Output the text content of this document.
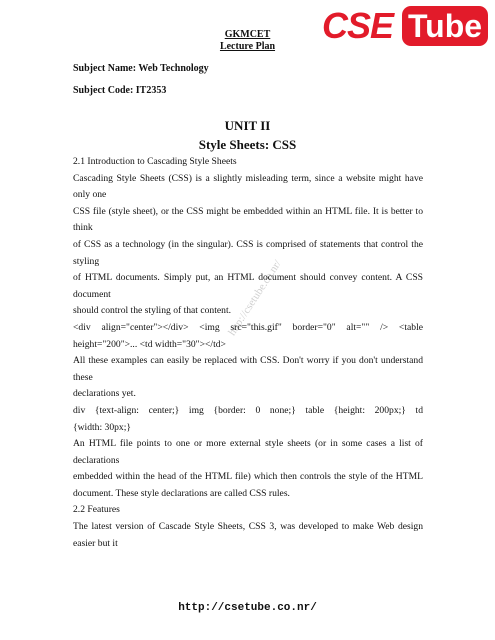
CSE Tube
GKMCET
Lecture Plan
Subject Name: Web Technology
Subject Code: IT2353
UNIT II
Style Sheets: CSS
http://csetube.co.nr/
2.1 Introduction to Cascading Style Sheets
Cascading Style Sheets (CSS) is a slightly misleading term, since a website might have
only one
CSS file (style sheet), or the CSS might be embedded within an HTML file. It is better to
think
of CSS as a technology (in the singular). CSS is comprised of statements that control the
styling
of HTML documents. Simply put, an HTML document should convey content. A CSS
document
should control the styling of that content.
<div align="center"></div> <img src="this.gif" border="0" alt="" /> <table
height="200">... <td width="30"></td>
All these examples can easily be replaced with CSS. Don't worry if you don't understand
these
declarations yet.
div {text-align: center;} img {border: 0 none;} table {height: 200px;} td
{width: 30px;}
An HTML file points to one or more external style sheets (or in some cases a list of
declarations
embedded within the head of the HTML file) which then controls the style of the HTML
document. These style declarations are called CSS rules.
2.2 Features
The latest version of Cascade Style Sheets, CSS 3, was developed to make Web design
easier but it
http://csetube.co.nr/
